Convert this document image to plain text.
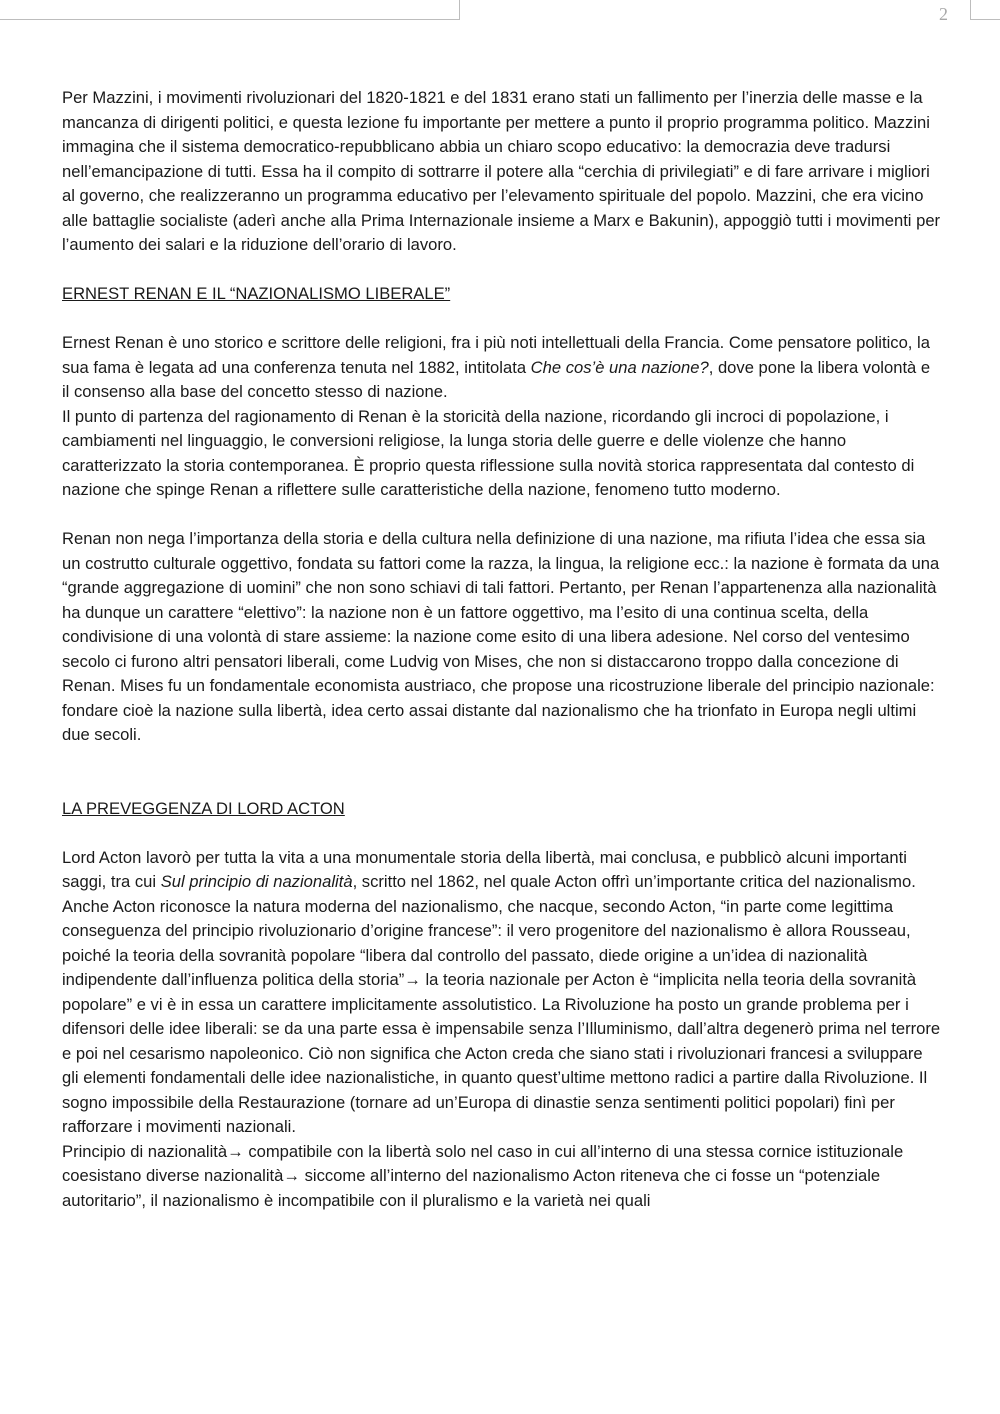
2

Per Mazzini, i movimenti rivoluzionari del 1820-1821 e del 1831 erano stati un fallimento per l’inerzia delle masse e la mancanza di dirigenti politici, e questa lezione fu importante per mettere a punto il proprio programma politico. Mazzini immagina che il sistema democratico-repubblicano abbia un chiaro scopo educativo: la democrazia deve tradursi nell’emancipazione di tutti. Essa ha il compito di sottrarre il potere alla “cerchia di privilegiati” e di fare arrivare i migliori al governo, che realizzeranno un programma educativo per l’elevamento spirituale del popolo. Mazzini, che era vicino alle battaglie socialiste (aderì anche alla Prima Internazionale insieme a Marx e Bakunin), appoggiò tutti i movimenti per l’aumento dei salari e la riduzione dell’orario di lavoro.

ERNEST RENAN E IL “NAZIONALISMO LIBERALE”

Ernest Renan è uno storico e scrittore delle religioni, fra i più noti intellettuali della Francia. Come pensatore politico, la sua fama è legata ad una conferenza tenuta nel 1882, intitolata Che cos’è una nazione?, dove pone la libera volontà e il consenso alla base del concetto stesso di nazione.

Il punto di partenza del ragionamento di Renan è la storicità della nazione, ricordando gli incroci di popolazione, i cambiamenti nel linguaggio, le conversioni religiose, la lunga storia delle guerre e delle violenze che hanno caratterizzato la storia contemporanea. È proprio questa riflessione sulla novità storica rappresentata dal contesto di nazione che spinge Renan a riflettere sulle caratteristiche della nazione, fenomeno tutto moderno.

Renan non nega l’importanza della storia e della cultura nella definizione di una nazione, ma rifiuta l’idea che essa sia un costrutto culturale oggettivo, fondata su fattori come la razza, la lingua, la religione ecc.: la nazione è formata da una “grande aggregazione di uomini” che non sono schiavi di tali fattori. Pertanto, per Renan l’appartenenza alla nazionalità ha dunque un carattere “elettivo”: la nazione non è un fattore oggettivo, ma l’esito di una continua scelta, della condivisione di una volontà di stare assieme: la nazione come esito di una libera adesione. Nel corso del ventesimo secolo ci furono altri pensatori liberali, come Ludvig von Mises, che non si distaccarono troppo dalla concezione di Renan. Mises fu un fondamentale economista austriaco, che propose una ricostruzione liberale del principio nazionale: fondare cioè la nazione sulla libertà, idea certo assai distante dal nazionalismo che ha trionfato in Europa negli ultimi due secoli.

LA PREVEGGENZA DI LORD ACTON

Lord Acton lavorò per tutta la vita a una monumentale storia della libertà, mai conclusa, e pubblicò alcuni importanti saggi, tra cui Sul principio di nazionalità, scritto nel 1862, nel quale Acton offrì un’importante critica del nazionalismo. Anche Acton riconosce la natura moderna del nazionalismo, che nacque, secondo Acton, “in parte come legittima conseguenza del principio rivoluzionario d’origine francese”: il vero progenitore del nazionalismo è allora Rousseau, poiché la teoria della sovranità popolare “libera dal controllo del passato, diede origine a un’idea di nazionalità indipendente dall’influenza politica della storia”→ la teoria nazionale per Acton è “implicita nella teoria della sovranità popolare” e vi è in essa un carattere implicitamente assolutistico. La Rivoluzione ha posto un grande problema per i difensori delle idee liberali: se da una parte essa è impensabile senza l’Illuminismo, dall’altra degenerò prima nel terrore e poi nel cesarismo napoleonico. Ciò non significa che Acton creda che siano stati i rivoluzionari francesi a sviluppare gli elementi fondamentali delle idee nazionalistiche, in quanto quest’ultime mettono radici a partire dalla Rivoluzione. Il sogno impossibile della Restaurazione (tornare ad un’Europa di dinastie senza sentimenti politici popolari) finì per rafforzare i movimenti nazionali.

Principio di nazionalità→ compatibile con la libertà solo nel caso in cui all’interno di una stessa cornice istituzionale coesistano diverse nazionalità→ siccome all’interno del nazionalismo Acton riteneva che ci fosse un “potenziale autoritario”, il nazionalismo è incompatibile con il pluralismo e la varietà nei quali
